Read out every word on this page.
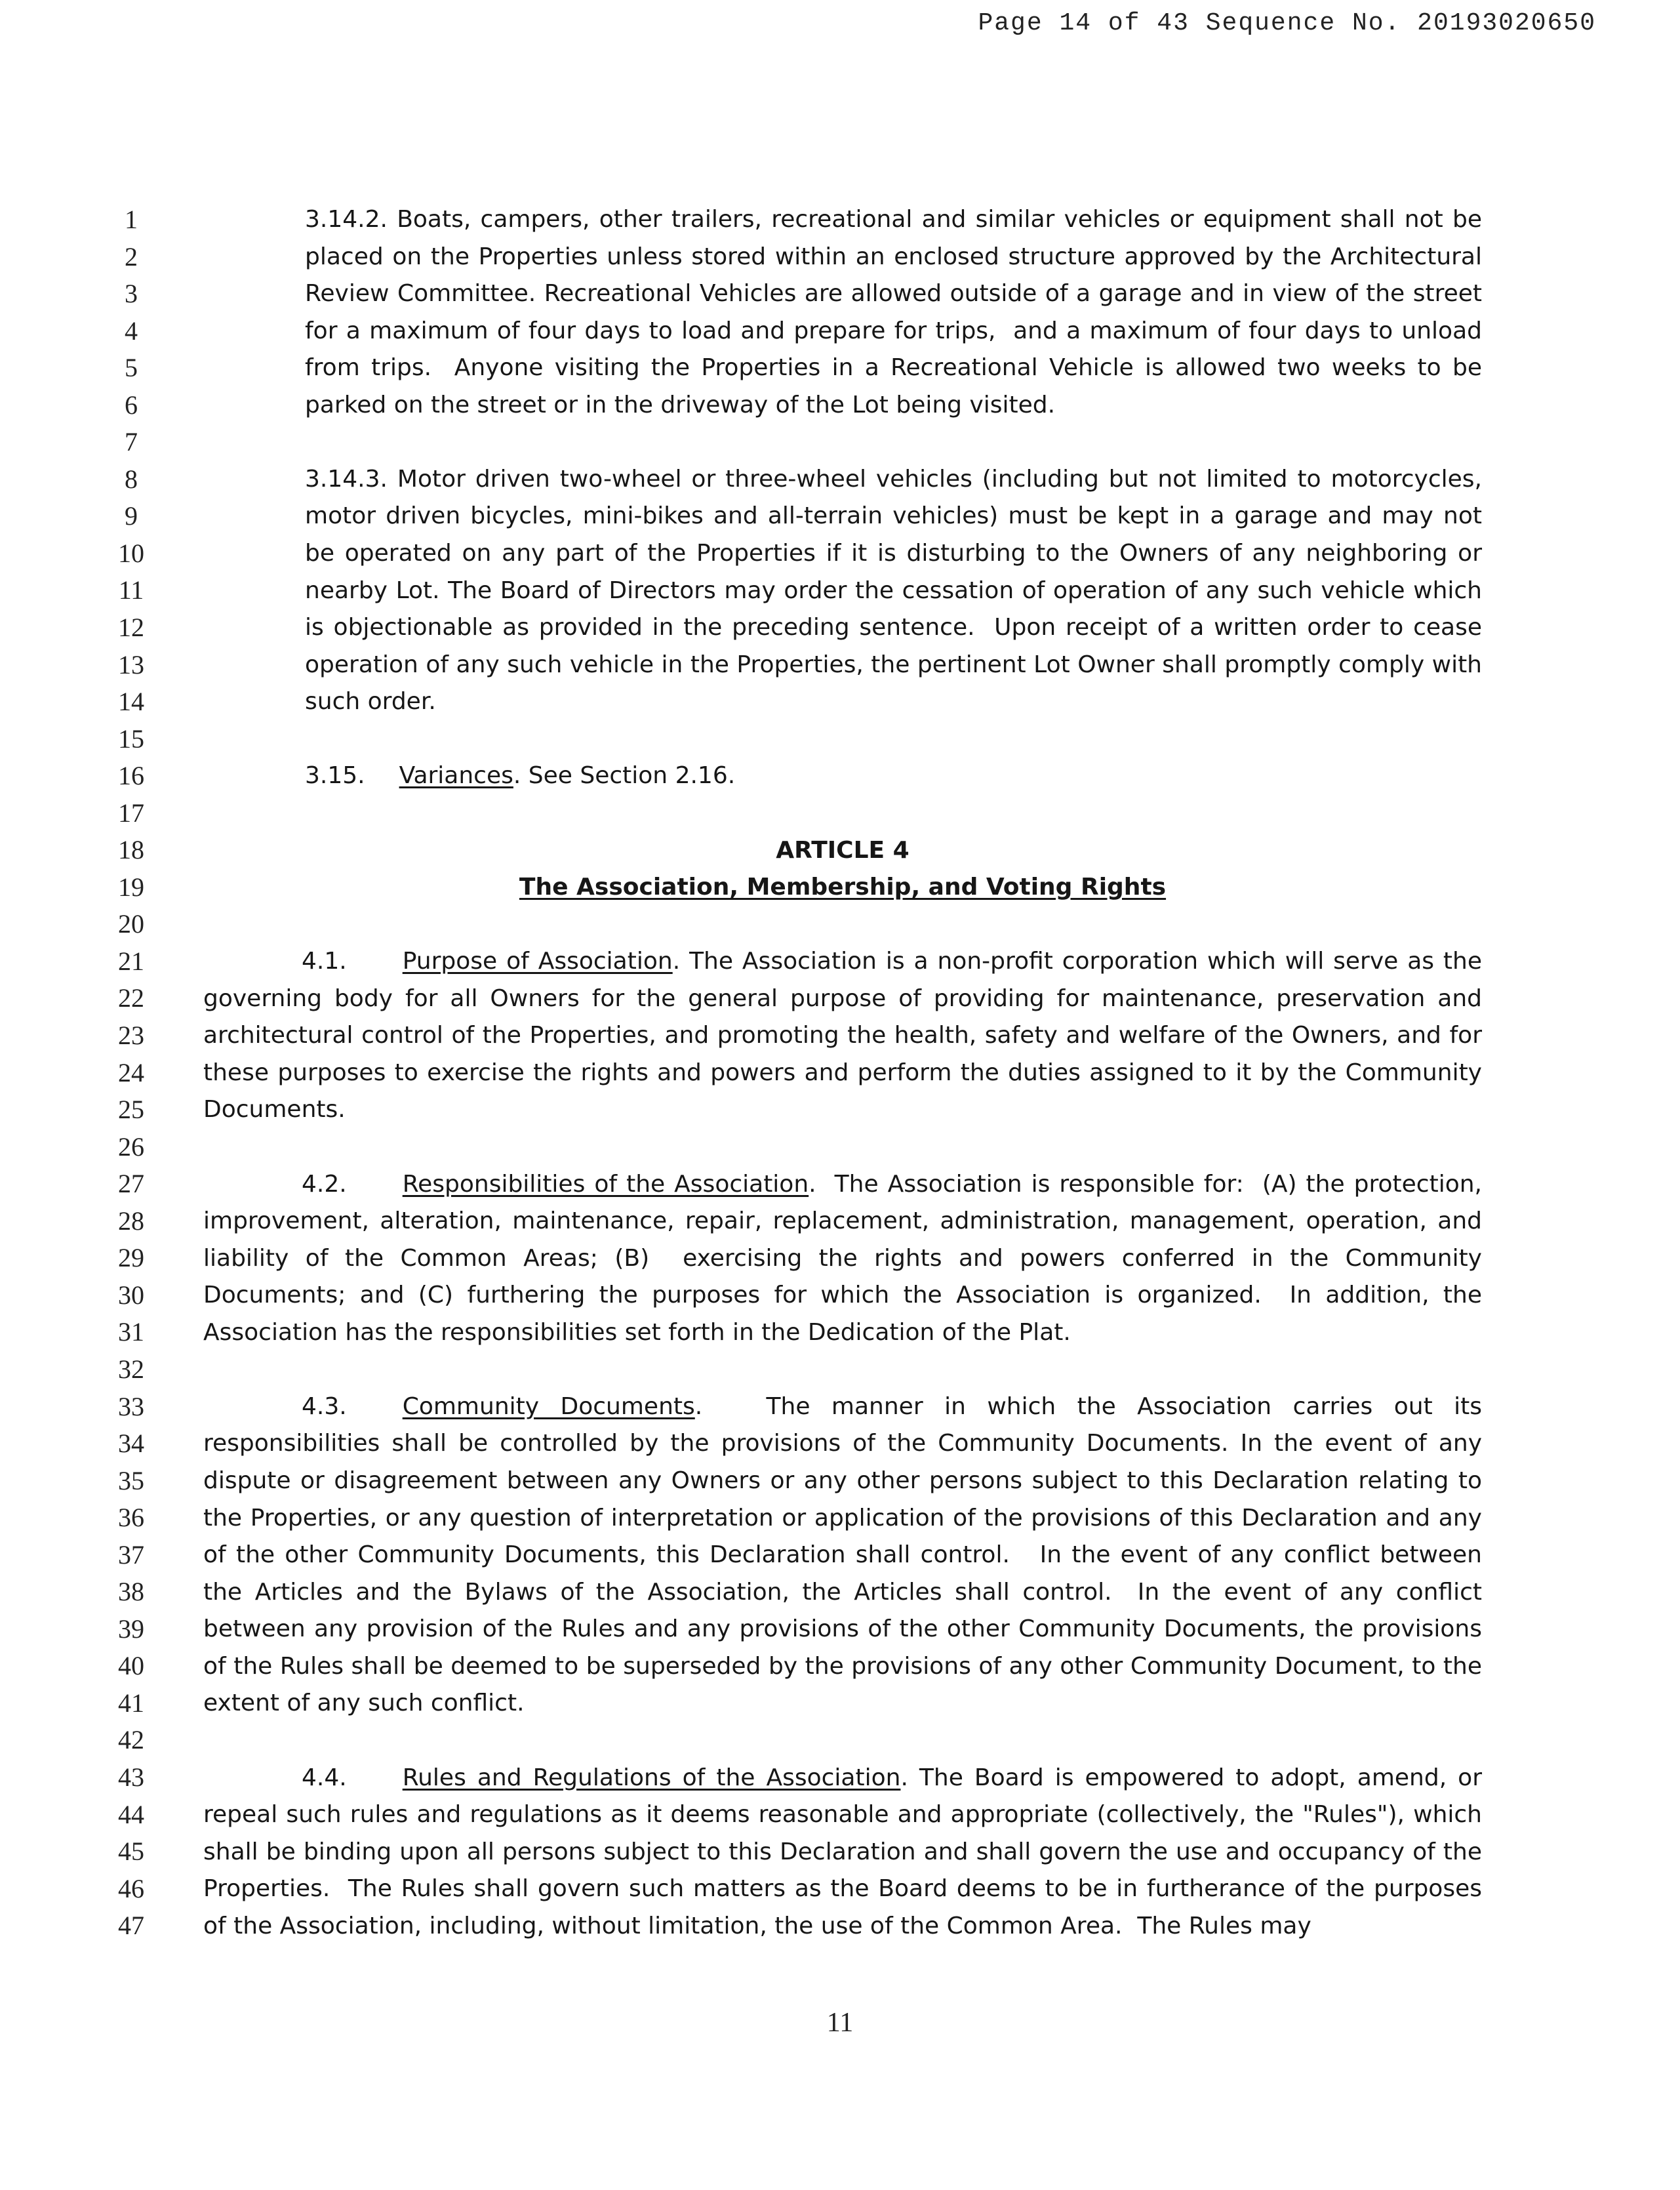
Page 14 of 43 Sequence No. 20193020650
1
2
3
4
5
6
7
8
9
10
11
12
13
14
15
16
17
18
19
20
21
22
23
24
25
26
27
28
29
30
31
32
33
34
35
36
37
38
39
40
41
42
43
44
45
46
47

3.14.2. Boats, campers, other trailers, recreational and similar vehicles or equipment shall not be placed on the Properties unless stored within an enclosed structure approved by the Architectural Review Committee. Recreational Vehicles are allowed outside of a garage and in view of the street for a maximum of four days to load and prepare for trips,  and a maximum of four days to unload from trips.  Anyone visiting the Properties in a Recreational Vehicle is allowed two weeks to be parked on the street or in the driveway of the Lot being visited.

3.14.3. Motor driven two-wheel or three-wheel vehicles (including but not limited to motorcycles, motor driven bicycles, mini-bikes and all-terrain vehicles) must be kept in a garage and may not be operated on any part of the Properties if it is disturbing to the Owners of any neighboring or nearby Lot. The Board of Directors may order the cessation of operation of any such vehicle which is objectionable as provided in the preceding sentence.  Upon receipt of a written order to cease operation of any such vehicle in the Properties, the pertinent Lot Owner shall promptly comply with such order.

3.15. Variances. See Section 2.16.

ARTICLE 4
The Association, Membership, and Voting Rights

4.1. Purpose of Association. The Association is a non-profit corporation which will serve as the governing body for all Owners for the general purpose of providing for maintenance, preservation and architectural control of the Properties, and promoting the health, safety and welfare of the Owners, and for these purposes to exercise the rights and powers and perform the duties assigned to it by the Community Documents.

4.2. Responsibilities of the Association.  The Association is responsible for:  (A) the protection, improvement, alteration, maintenance, repair, replacement, administration, management, operation, and liability of the Common Areas; (B)  exercising the rights and powers conferred in the Community Documents; and (C) furthering the purposes for which the Association is organized.  In addition, the Association has the responsibilities set forth in the Dedication of the Plat.

4.3. Community Documents.   The manner in which the Association carries out its responsibilities shall be controlled by the provisions of the Community Documents. In the event of any dispute or disagreement between any Owners or any other persons subject to this Declaration relating to the Properties, or any question of interpretation or application of the provisions of this Declaration and any of the other Community Documents, this Declaration shall control.   In the event of any conflict between the Articles and the Bylaws of the Association, the Articles shall control.  In the event of any conflict between any provision of the Rules and any provisions of the other Community Documents, the provisions of the Rules shall be deemed to be superseded by the provisions of any other Community Document, to the extent of any such conflict.

4.4. Rules and Regulations of the Association. The Board is empowered to adopt, amend, or repeal such rules and regulations as it deems reasonable and appropriate (collectively, the "Rules"), which shall be binding upon all persons subject to this Declaration and shall govern the use and occupancy of the Properties.  The Rules shall govern such matters as the Board deems to be in furtherance of the purposes of the Association, including, without limitation, the use of the Common Area.  The Rules may

11
